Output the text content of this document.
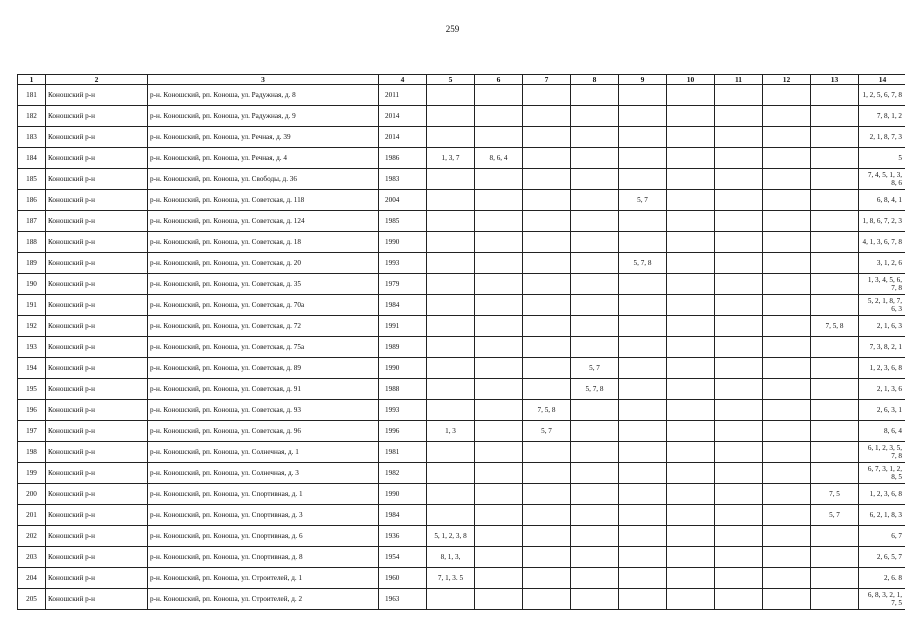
259
1	2	3	4	5	6	7	8	9	10	11	12	13	14
181	Коношский р-н	р-н. Коношский, рп. Коноша, ул. Радужная, д. 8	2011										1, 2, 5, 6, 7, 8
182	Коношский р-н	р-н. Коношский, рп. Коноша, ул. Радужная, д. 9	2014										7, 8, 1, 2
183	Коношский р-н	р-н. Коношский, рп. Коноша, ул. Речная, д. 39	2014										2, 1, 8, 7, 3
184	Коношский р-н	р-н. Коношский, рп. Коноша, ул. Речная, д. 4	1986	1, 3, 7	8, 6, 4								5
185	Коношский р-н	р-н. Коношский, рп. Коноша, ул. Свободы, д. 36	1983										7, 4, 5, 1, 3, 8, 6
186	Коношский р-н	р-н. Коношский, рп. Коноша, ул. Советская, д. 118	2004					5, 7					6, 8, 4, 1
187	Коношский р-н	р-н. Коношский, рп. Коноша, ул. Советская, д. 124	1985										1, 8, 6, 7, 2, 3
188	Коношский р-н	р-н. Коношский, рп. Коноша, ул. Советская, д. 18	1990										4, 1, 3, 6, 7, 8
189	Коношский р-н	р-н. Коношский, рп. Коноша, ул. Советская, д. 20	1993					5, 7, 8					3, 1, 2, 6
190	Коношский р-н	р-н. Коношский, рп. Коноша, ул. Советская, д. 35	1979										1, 3, 4, 5, 6, 7, 8
191	Коношский р-н	р-н. Коношский, рп. Коноша, ул. Советская, д. 70а	1984										5, 2, 1, 8, 7, 6, 3
192	Коношский р-н	р-н. Коношский, рп. Коноша, ул. Советская, д. 72	1991									7, 5, 8	2, 1, 6, 3
193	Коношский р-н	р-н. Коношский, рп. Коноша, ул. Советская, д. 75а	1989										7, 3, 8, 2, 1
194	Коношский р-н	р-н. Коношский, рп. Коноша, ул. Советская, д. 89	1990				5, 7						1, 2, 3, 6, 8
195	Коношский р-н	р-н. Коношский, рп. Коноша, ул. Советская, д. 91	1988				5, 7, 8						2, 1, 3, 6
196	Коношский р-н	р-н. Коношский, рп. Коноша, ул. Советская, д. 93	1993			7, 5, 8							2, 6, 3, 1
197	Коношский р-н	р-н. Коношский, рп. Коноша, ул. Советская, д. 96	1996	1, 3		5, 7							8, 6, 4
198	Коношский р-н	р-н. Коношский, рп. Коноша, ул. Солнечная, д. 1	1981										6, 1, 2, 3, 5, 7, 8
199	Коношский р-н	р-н. Коношский, рп. Коноша, ул. Солнечная, д. 3	1982										6, 7, 3, 1, 2, 8, 5
200	Коношский р-н	р-н. Коношский, рп. Коноша, ул. Спортивная, д. 1	1990									7, 5	1, 2, 3, 6, 8
201	Коношский р-н	р-н. Коношский, рп. Коноша, ул. Спортивная, д. 3	1984									5, 7	6, 2, 1, 8, 3
202	Коношский р-н	р-н. Коношский, рп. Коноша, ул. Спортивная, д. 6	1936	5, 1, 2, 3, 8									6, 7
203	Коношский р-н	р-н. Коношский, рп. Коноша, ул. Спортивная, д. 8	1954	8, 1, 3,									2, 6, 5, 7
204	Коношский р-н	р-н. Коношский, рп. Коноша, ул. Строителей, д. 1	1960	7, 1, 3. 5									2, 6. 8
205	Коношский р-н	р-н. Коношский, рп. Коноша, ул. Строителей, д. 2	1963										6, 8, 3, 2, 1, 7, 5
